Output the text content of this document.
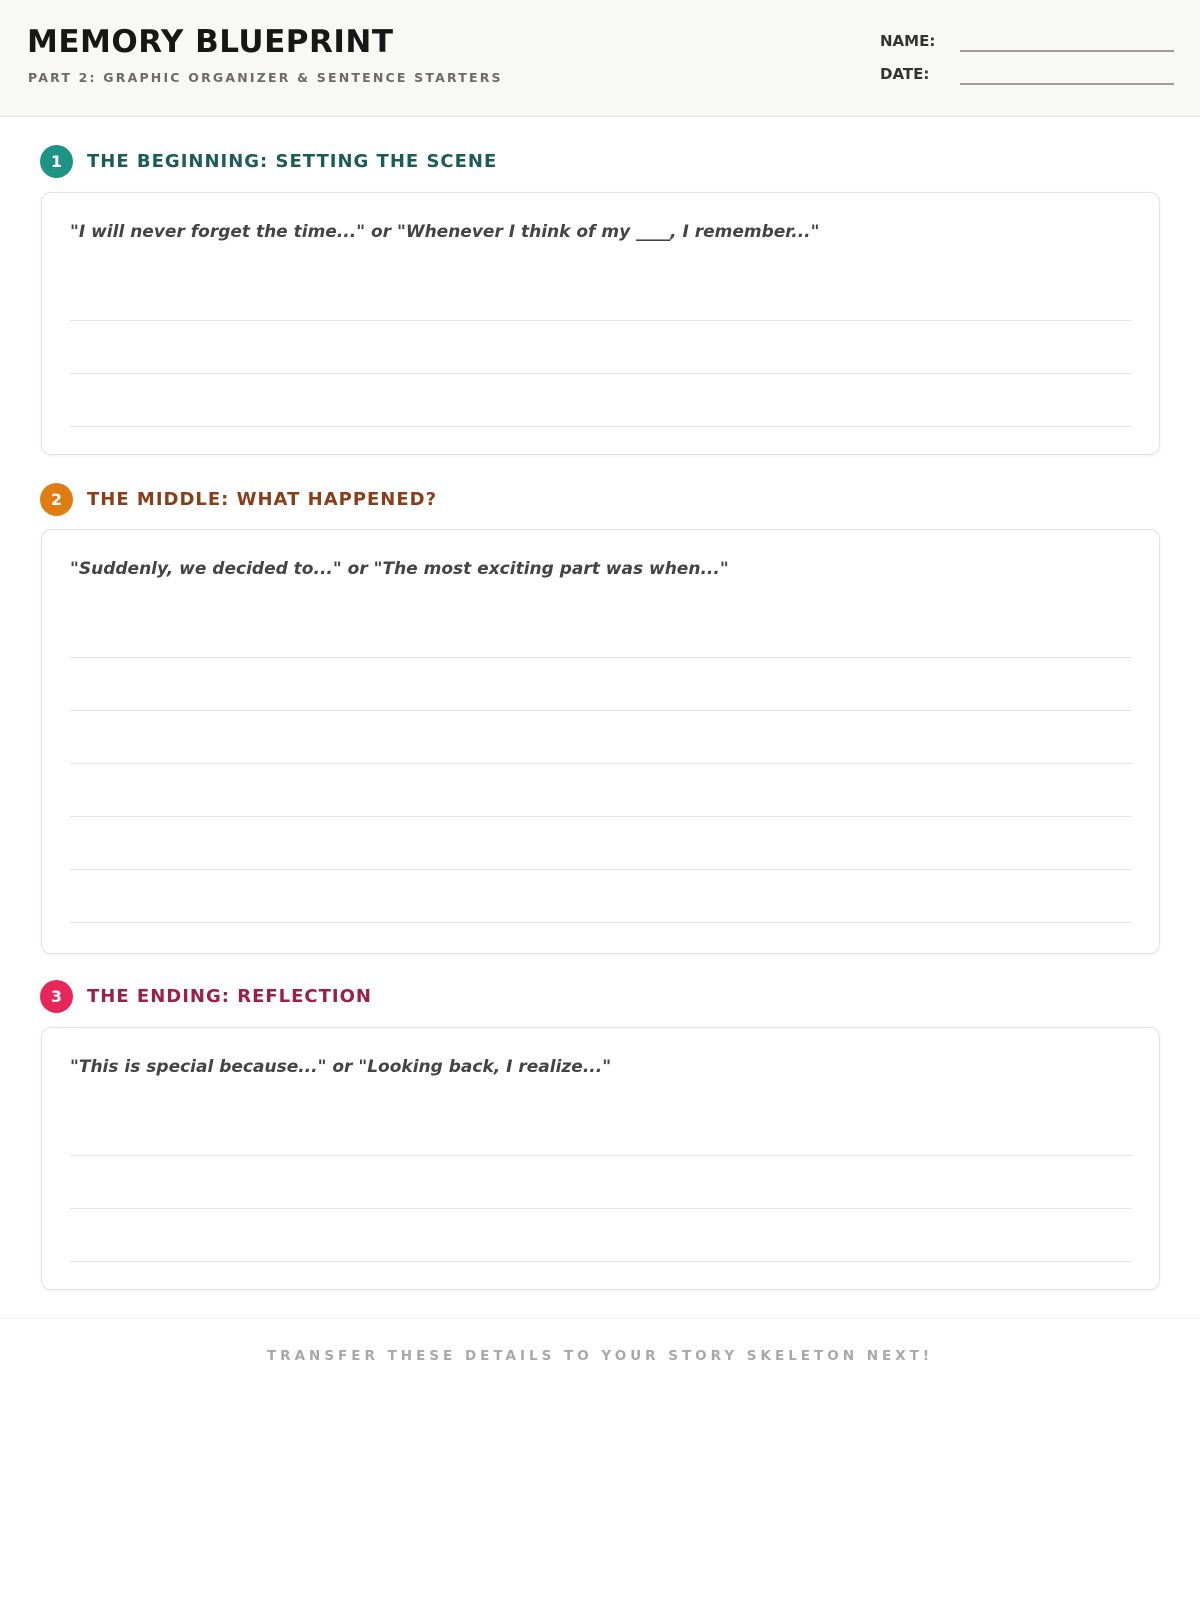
MEMORY BLUEPRINT
PART 2: GRAPHIC ORGANIZER & SENTENCE STARTERS
NAME:
DATE:
1	THE BEGINNING: SETTING THE SCENE
"I will never forget the time..." or "Whenever I think of my ____, I remember..."
2	THE MIDDLE: WHAT HAPPENED?
"Suddenly, we decided to..." or "The most exciting part was when..."
3	THE ENDING: REFLECTION
"This is special because..." or "Looking back, I realize..."
TRANSFER THESE DETAILS TO YOUR STORY SKELETON NEXT!
